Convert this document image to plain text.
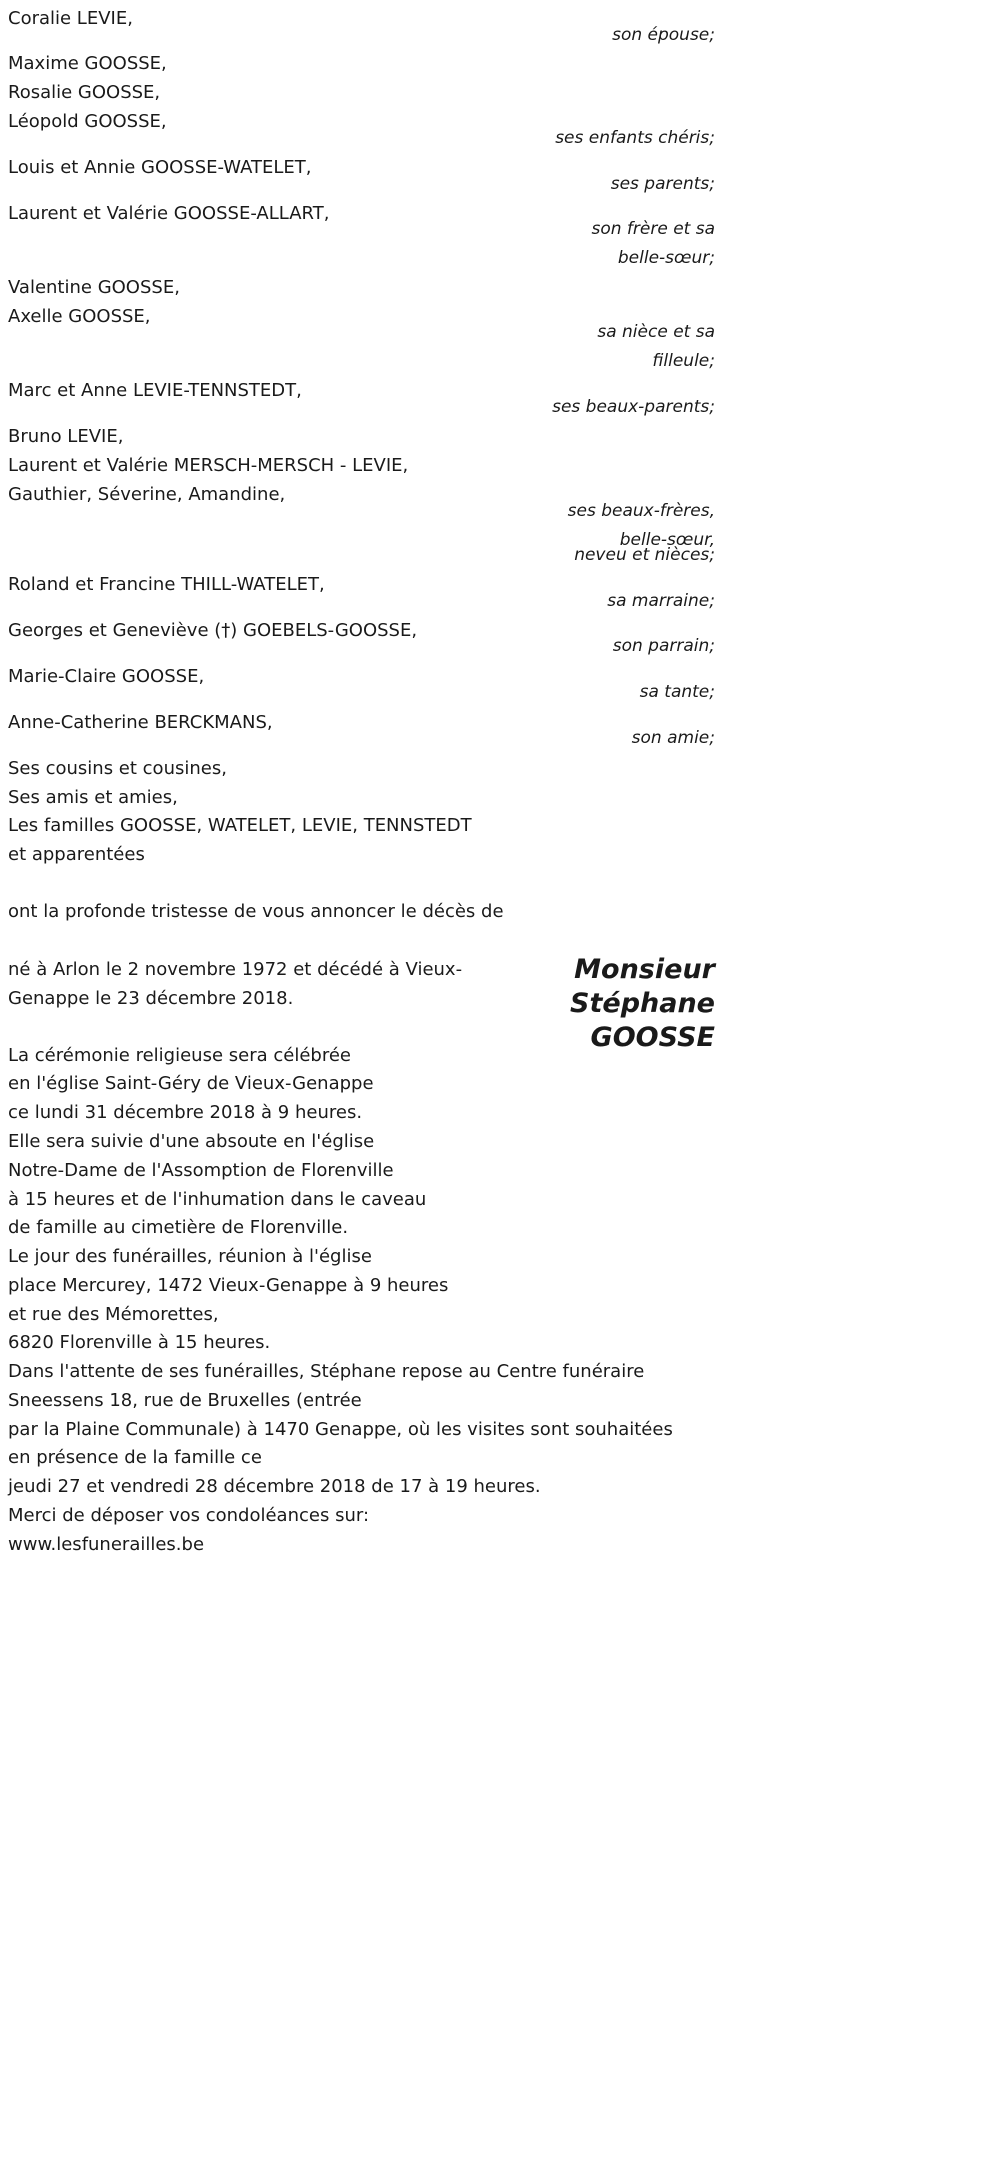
Coralie LEVIE,

Maxime GOOSSE,

Rosalie GOOSSE,

Léopold GOOSSE,

Louis et Annie GOOSSE-WATELET,

Laurent et Valérie GOOSSE-ALLART,

Valentine GOOSSE,

Axelle GOOSSE,

Marc et Anne LEVIE-TENNSTEDT,

Bruno LEVIE,

Laurent et Valérie MERSCH-MERSCH - LEVIE,

Gauthier, Séverine, Amandine,

Roland et Francine THILL-WATELET,

Georges et Geneviève (†) GOEBELS-GOOSSE,

Marie-Claire GOOSSE,

Anne-Catherine BERCKMANS,

son épouse;

ses enfants chéris;

ses parents;

son frère et sa

belle-sœur;

sa nièce et sa

filleule;

ses beaux-parents;

ses beaux-frères,

belle-sœur,

neveu et nièces;

sa marraine;

son parrain;

sa tante;

son amie;

Ses cousins et cousines,

Ses amis et amies,

Les familles GOOSSE, WATELET, LEVIE, TENNSTEDT

et apparentées

ont la profonde tristesse de vous annoncer le décès de

Monsieur
Stéphane
GOOSSE

né à Arlon le 2 novembre 1972 et décédé à Vieux-

Genappe le 23 décembre 2018.

La cérémonie religieuse sera célébrée

en l'église Saint-Géry de Vieux-Genappe

ce lundi 31 décembre 2018 à 9 heures.

Elle sera suivie d'une absoute en l'église

Notre-Dame de l'Assomption de Florenville

à 15 heures et de l'inhumation dans le caveau

de famille au cimetière de Florenville.

Le jour des funérailles, réunion à l'église

place Mercurey, 1472 Vieux-Genappe à 9 heures

et rue des Mémorettes,

6820 Florenville à 15 heures.

Dans l'attente de ses funérailles, Stéphane repose au Centre funéraire

Sneessens 18, rue de Bruxelles (entrée

par la Plaine Communale) à 1470 Genappe, où les visites sont souhaitées

en présence de la famille ce

jeudi 27 et vendredi 28 décembre 2018 de 17 à 19 heures.

Merci de déposer vos condoléances sur:

www.lesfunerailles.be
